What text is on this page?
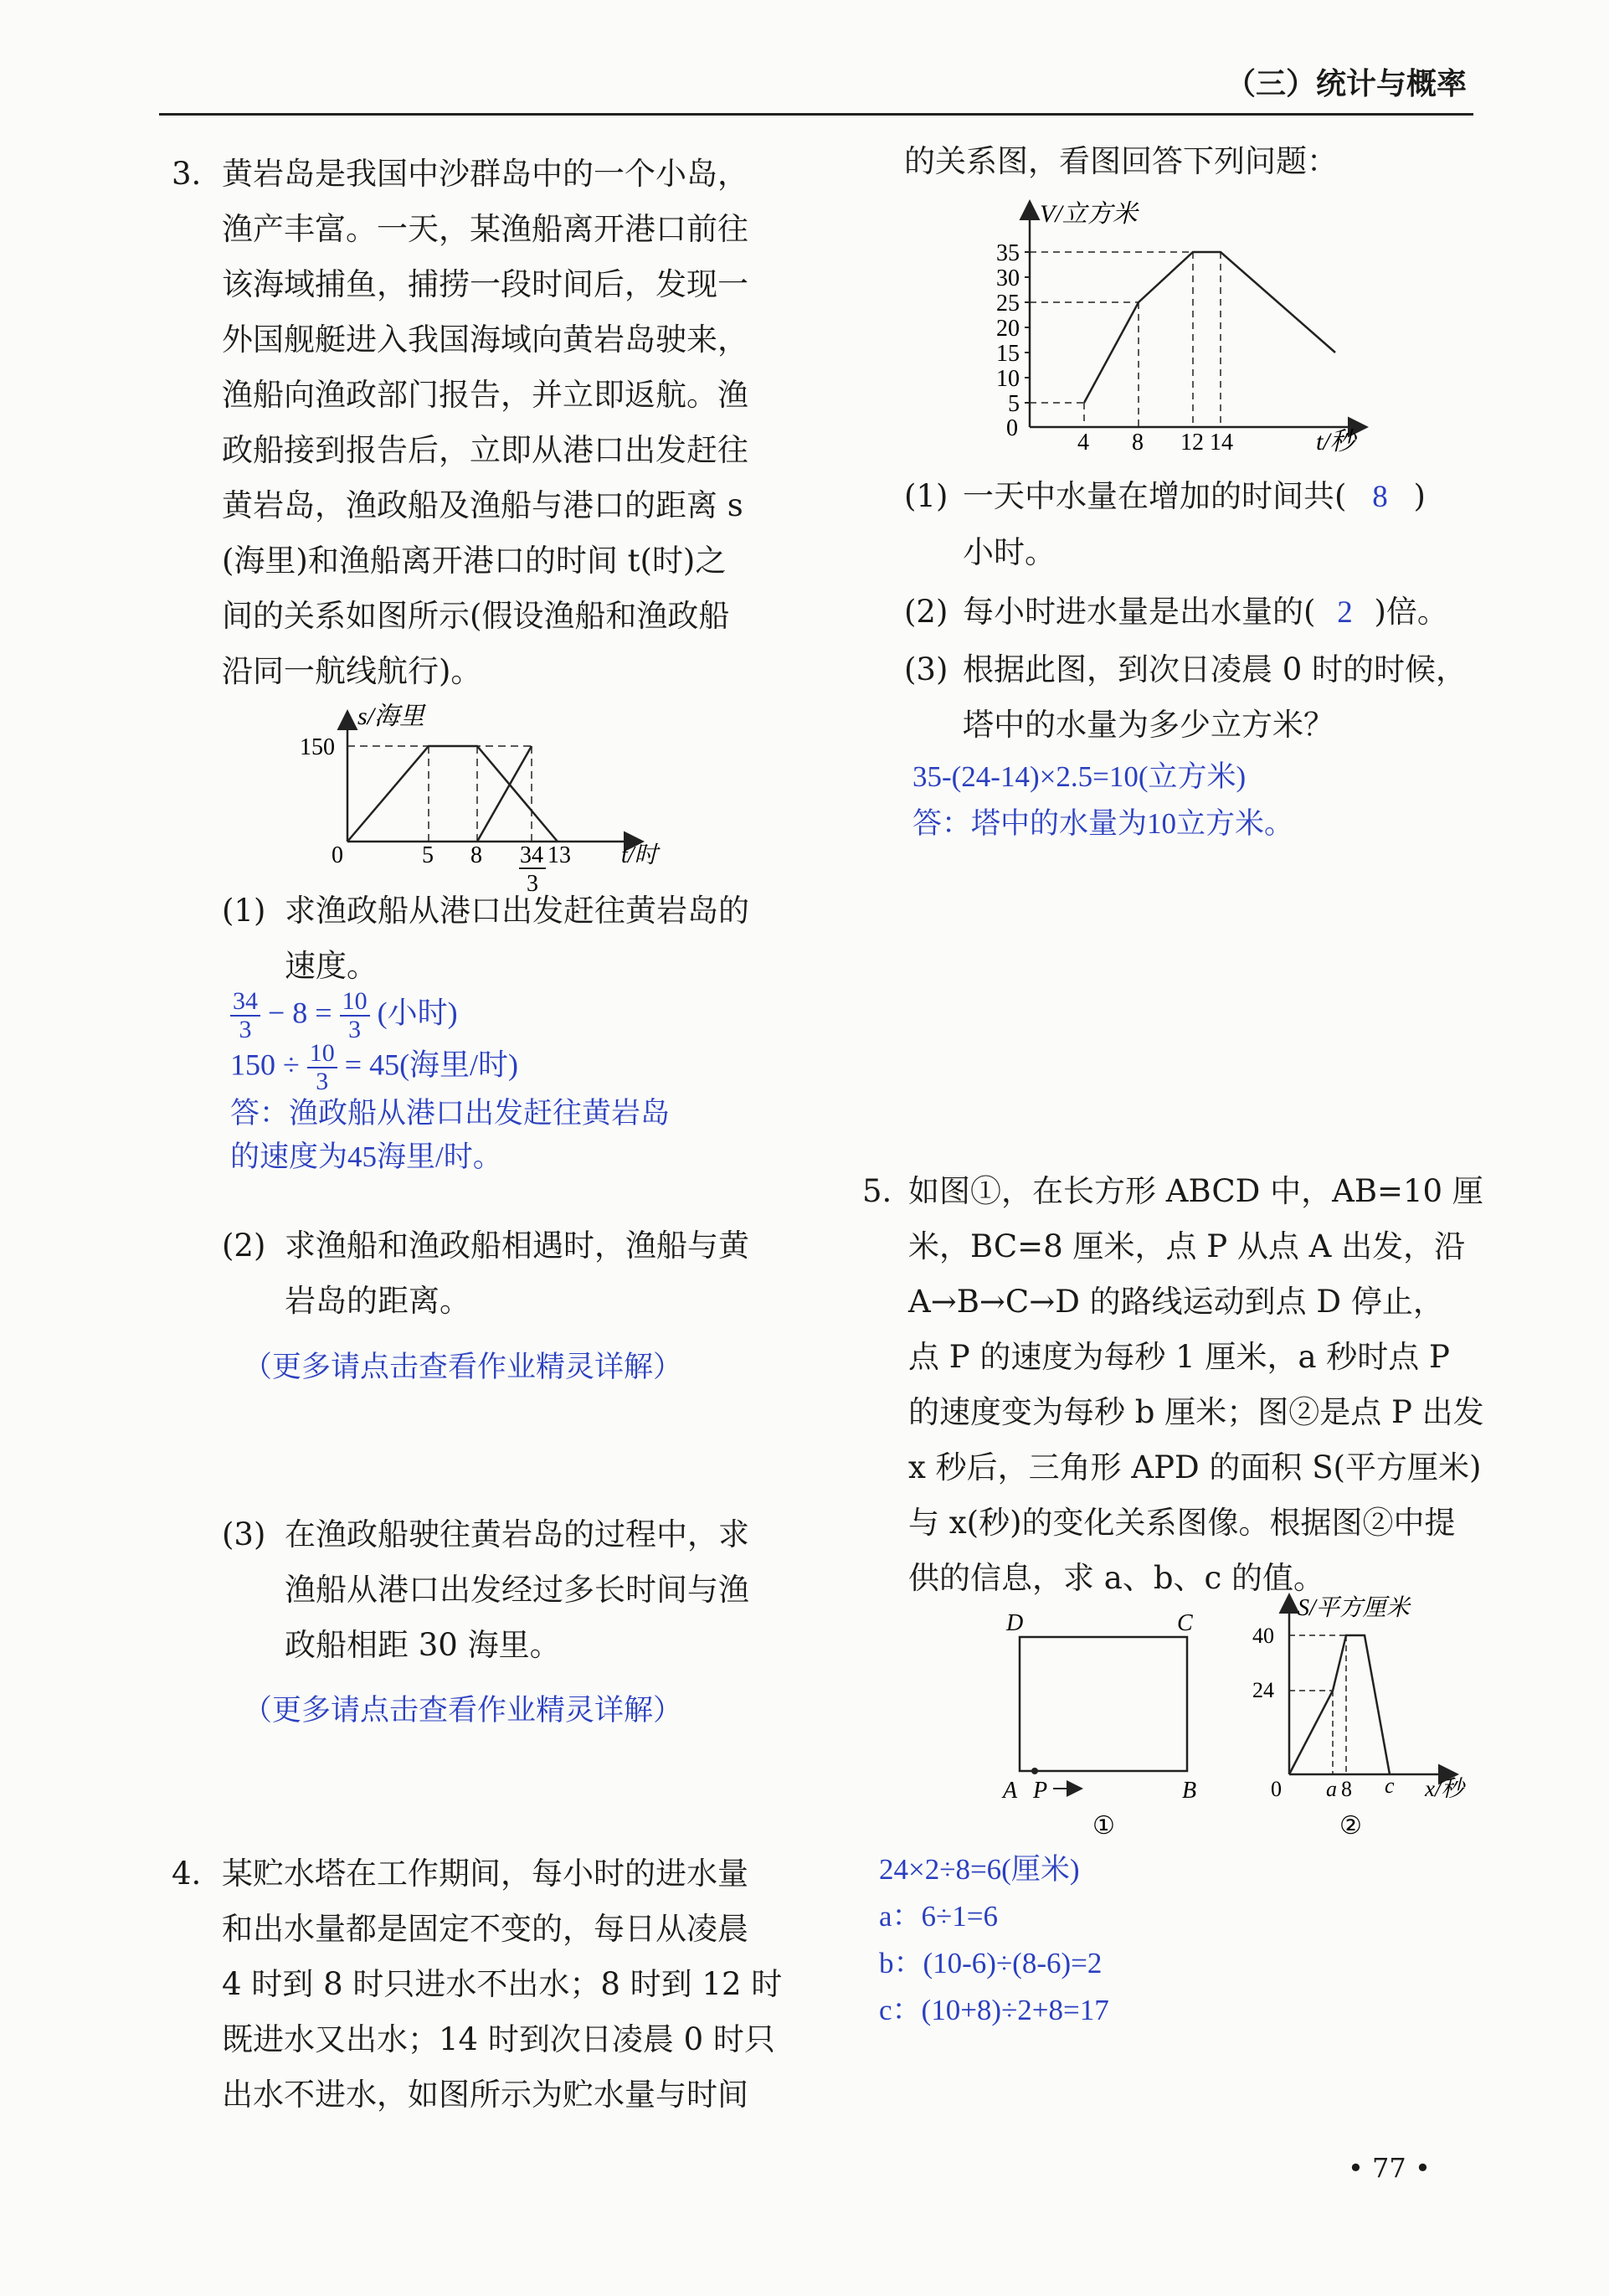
（三）统计与概率
3. 黄岩岛是我国中沙群岛中的一个小岛，
渔产丰富。一天，某渔船离开港口前往
该海域捕鱼，捕捞一段时间后，发现一
外国舰艇进入我国海域向黄岩岛驶来，
渔船向渔政部门报告，并立即返航。渔
政船接到报告后，立即从港口出发赶往
黄岩岛，渔政船及渔船与港口的距离 s
(海里)和渔船离开港口的时间 t(时)之
间的关系如图所示(假设渔船和渔政船
沿同一航线航行)。
s/海里
t/时
0
150
5 8 34
3
13
(1) 求渔政船从港口出发赶往黄岩岛的
速度。
$\frac{34}{3} - 8 = \frac{10}{3}$ (小时)
$150 \div \frac{10}{3} = 45$(海里/时)
答：渔政船从港口出发赶往黄岩岛
的速度为45海里/时。
(2) 求渔船和渔政船相遇时，渔船与黄
岩岛的距离。
（更多请点击查看作业精灵详解）
(3) 在渔政船驶往黄岩岛的过程中，求
渔船从港口出发经过多长时间与渔
政船相距 30 海里。
（更多请点击查看作业精灵详解）
4. 某贮水塔在工作期间，每小时的进水量
和出水量都是固定不变的，每日从凌晨
4 时到 8 时只进水不出水；8 时到 12 时
既进水又出水；14 时到次日凌晨 0 时只
出水不进水，如图所示为贮水量与时间
的关系图，看图回答下列问题：
V/立方米
t/秒
0
5
10
15
20
25
30
35
4 8 12 14
(1) 一天中水量在增加的时间共( 8 )
小时。
(2) 每小时进水量是出水量的( 2 )倍。
(3) 根据此图，到次日凌晨 0 时的时候，
塔中的水量为多少立方米？
35-(24-14)×2.5=10(立方米)
答：塔中的水量为10立方米。
5. 如图①，在长方形 ABCD 中，AB=10 厘
米，BC=8 厘米，点 P 从点 A 出发，沿
A→B→C→D 的路线运动到点 D 停止，
点 P 的速度为每秒 1 厘米，a 秒时点 P
的速度变为每秒 b 厘米；图②是点 P 出发
x 秒后，三角形 APD 的面积 S(平方厘米)
与 x(秒)的变化关系图像。根据图②中提
供的信息，求 a、b、c 的值。
D	C
A	B
P
①
S/平方厘米
x/秒
0
40
24
a 8 c
②
24×2÷8=6(厘米)
a：6÷1=6
b：(10-6)÷(8-6)=2
c：(10+8)÷2+8=17
• 77 •
